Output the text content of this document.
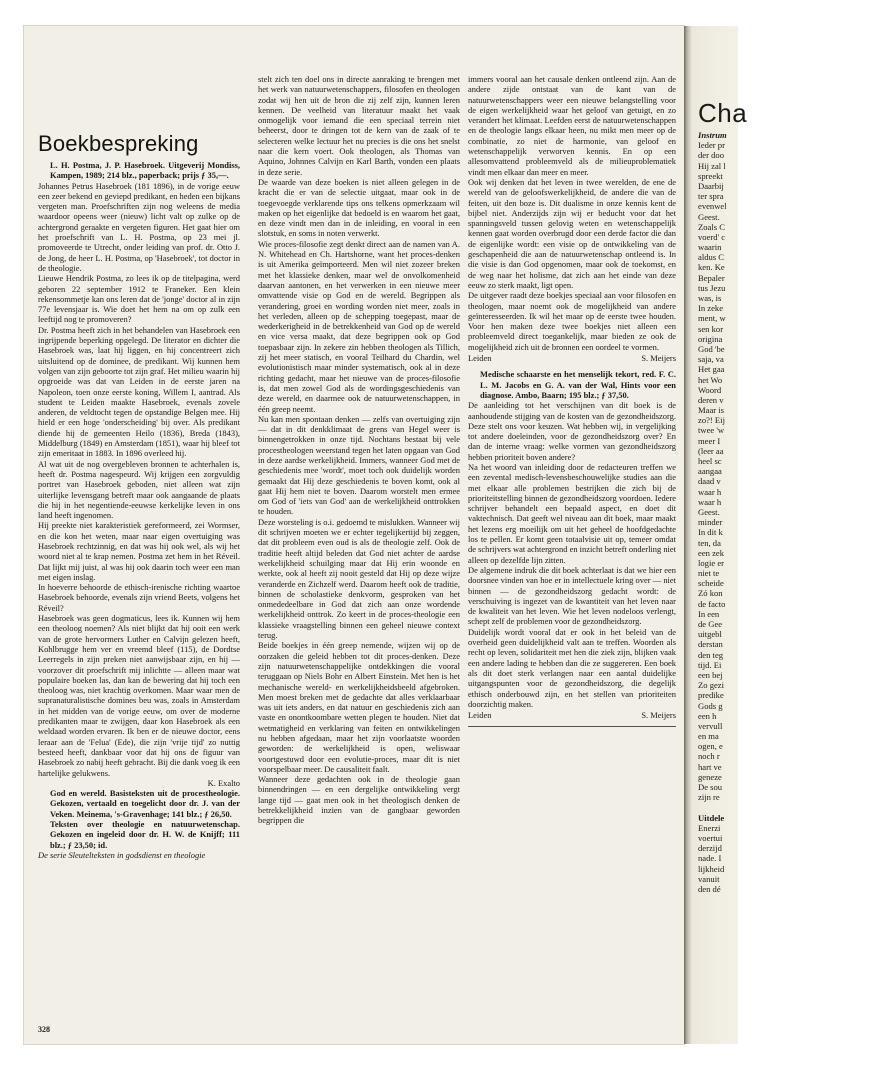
Boekbespreking

L. H. Postma, J. P. Hasebroek. Uitgeverij Mondiss, Kampen, 1989; 214 blz., paperback; prijs ƒ 35,—.

Johannes Petrus Hasebroek (181 1896), in de vorige eeuw een zeer bekend en geviерd predikant, en heden een bijkans vergeten man. Proefschriften zijn nog weleens de media waardoor opeens weer (nieuw) licht valt op zulke op de achtergrond geraakte en vergeten figuren. Het gaat hier om het proefschrift van L. H. Postma, op 23 mei jl. promoveerde te Utrecht, onder leiding van prof. dr. Otto J. de Jong, de heer L. H. Postma, op 'Hasebroek', tot doctor in de theologie.

Lieuwe Hendrik Postma, zo lees ik op de titelpagina, werd geboren 22 september 1912 te Franeker. Een klein rekensommetje kan ons leren dat de 'jonge' doctor al in zijn 77e levensjaar is. Wie doet het hem na om op zulk een leeftijd nog te promoveren?

Dr. Postma heeft zich in het behandelen van Hasebroek een ingrijpende beperking opgelegd. De literator en dichter die Hasebroek was, laat hij liggen, en hij concentreert zich uitsluitend op de dominee, de predikant. Wij kunnen hem volgen van zijn geboorte tot zijn graf. Het milieu waarin hij opgroeide was dat van Leiden in de eerste jaren na Napoleon, toen onze eerste koning, Willem I, aantrad. Als student te Leiden maakte Hasebroek, evenals zovele anderen, de veldtocht tegen de opstandige Belgen mee. Hij hield er een hoge 'onderscheiding' bij over. Als predikant diende hij de gemeenten Heilo (1836), Breda (1843), Middelburg (1849) en Amsterdam (1851), waar hij bleef tot zijn emeritaat in 1883. In 1896 overleed hij.

Al wat uit de nog overgebleven bronnen te achterhalen is, heeft dr. Postma nagespeurd. Wij krijgen een zorgvuldig portret van Hasebroek geboden, niet alleen wat zijn uiterlijke levensgang betreft maar ook aangaande de plaats die hij in het negentiende-eeuwse kerkelijke leven in ons land heeft ingenomen.

Hij preekte niet karakteristiek gereformeerd, zei Wormser, en die kon het weten, maar naar eigen overtuiging was Hasebroek rechtzinnig, en dat was hij ook wel, als wij het woord niet al te krap nemen. Postma zet hem in het Réveil. Dat lijkt mij juist, al was hij ook daarin toch weer een man met eigen inslag.

In hoeverre behoorde de ethisch-irenische richting waartoe Hasebroek behoorde, evenals zijn vriend Beets, volgens het Réveil?

Hasebroek was geen dogmaticus, lees ik. Kunnen wij hem een theoloog noemen? Als niet blijkt dat hij ooit een werk van de grote hervormers Luther en Calvijn gelezen heeft, Kohlbrugge hem ver en vreemd bleef (115), de Dordtse Leerregels in zijn preken niet aanwijsbaar zijn, en hij — voorzover dit proefschrift mij inlichtte — alleen maar wat populaire boeken las, dan kan de bewering dat hij toch een theoloog was, niet krachtig overkomen. Maar waar men de supranaturalistische domines beu was, zoals in Amsterdam in het midden van de vorige eeuw, om over de moderne predikanten maar te zwijgen, daar kon Hasebroek als een weldaad worden ervaren. Ik ben er de nieuwe doctor, eens leraar aan de 'Felua' (Ede), die zijn 'vrije tijd' zo nuttig besteed heeft, dankbaar voor dat hij ons de figuur van Hasebroek zo nabij heeft gebracht. Bij die dank voeg ik een hartelijke gelukwens.

K. Exalto

God en wereld. Basisteksten uit de procestheologie. Gekozen, vertaald en toegelicht door dr. J. van der Veken. Meinema, 's-Gravenhage; 141 blz.; ƒ 26,50.

Teksten over theologie en natuurwetenschap. Gekozen en ingeleid door dr. H. W. de Knijff; 111 blz.; ƒ 23,50; id.

De serie Sleutelteksten in godsdienst en theologie

stelt zich ten doel ons in directe aanraking te brengen met het werk van natuurwetenschappers, filosofen en theologen zodat wij hen uit de bron die zij zelf zijn, kunnen leren kennen. De veelheid van literatuur maakt het vaak onmogelijk voor iemand die een speciaal terrein niet beheerst, door te dringen tot de kern van de zaak of te selecteren welke lectuur het nu precies is die ons het snelst naar die kern voert. Ook theologen, als Thomas van Aquino, Johnnes Calvijn en Karl Barth, vonden een plaats in deze serie.

De waarde van deze boeken is niet alleen gelegen in de kracht die er van de selectie uitgaat, maar ook in de toegevoegde verklarende tips ons telkens opmerkzaam wil maken op het eigenlijke dat bedoeld is en waarom het gaat, en deze vindt men dan in de inleiding, en vooral in een slotstuk, en soms in noten verwerkt.

Wie proces-filosofie zegt denkt direct aan de namen van A. N. Whitehead en Ch. Hartshorne, want het proces-denken is uit Amerika geïmporteerd. Men wil niet zozeer breken met het klassieke denken, maar wel de onvolkomenheid daarvan aantonen, en het verwerken in een nieuwe meer omvattende visie op God en de wereld. Begrippen als verandering, groei en wording worden niet meer, zoals in het verleden, alleen op de schepping toegepast, maar de wederkerigheid in de betrekkenheid van God op de wereld en vice versa maakt, dat deze begrippen ook op God toepasbaar zijn. In zekere zin hebben theologen als Tillich, zij het meer statisch, en vooral Teilhard du Chardin, wel evolutionistisch maar minder systematisch, ook al in deze richting gedacht, maar het nieuwe van de proces-filosofie is, dat men zowel God als de wordingsgeschiedenis van deze wereld, en daarmee ook de natuurwetenschappen, in één greep neemt.

Nu kan men spontaan denken — zelfs van overtuiging zijn — dat in dit denkklimaat de grens van Hegel weer is binnengetrokken in onze tijd. Nochtans bestaat bij vele procestheologen weerstand tegen het laten opgaan van God in deze aardse werkelijkheid. Immers, wanneer God met de geschiedenis mee 'wordt', moet toch ook duidelijk worden gemaakt dat Hij deze geschiedenis te boven komt, ook al gaat Hij hem niet te boven. Daarom worstelt men ermee om God of 'iets van God' aan de werkelijkheid onttrokken te houden.

Deze worsteling is o.i. gedoemd te mislukken. Wanneer wij dit schrijven moeten we er echter tegelijkertijd bij zeggen, dat dit probleem even oud is als de theologie zelf. Ook de traditie heeft altijd beleden dat God niet achter de aardse werkelijkheid schuilging maar dat Hij erin woonde en werkte, ook al heeft zij nooit gesteld dat Hij op deze wijze veranderde en Zichzelf werd. Daarom heeft ook de traditie, binnen de scholastieke denkvorm, gesproken van het onmededeelbare in God dat zich aan onze wordende werkelijkheid onttrok. Zo keert in de proces-theologie een klassieke vraagstelling binnen een geheel nieuwe context terug.

Beide boekjes in één greep nemende, wijzen wij op de oorzaken die geleid hebben tot dit proces-denken. Deze zijn natuurwetenschappelijke ontdekkingen die vooral teruggaan op Niels Bohr en Albert Einstein. Met hen is het mechanische wereld- en werkelijkheidsbeeld afgebroken. Men moest breken met de gedachte dat alles verklaarbaar was uit iets anders, en dat natuur en geschiedenis zich aan vaste en onontkoombare wetten plegen te houden. Niet dat wetmatigheid en verklaring van feiten en ontwikkelingen nu hebben afgedaan, maar het zijn voorlaatste woorden geworden: de werkelijkheid is open, weliswaar voortgestuwd door een evolutie-proces, maar dit is niet voorspelbaar meer. De causaliteit faalt.

Wanneer deze gedachten ook in de theologie gaan binnendringen — en een dergelijke ontwikkeling vergt lange tijd — gaat men ook in het theologisch denken de betrekkelijkheid inzien van de gangbaar geworden begrippen die

immers vooral aan het causale denken ontleend zijn. Aan de andere zijde ontstaat van de kant van de natuurwetenschappers weer een nieuwe belangstelling voor de eigen werkelijkheid waar het geloof van getuigt, en zo verandert het klimaat. Leefden eerst de natuurwetenschappen en de theologie langs elkaar heen, nu mikt men meer op de combinatie, zo niet de harmonie, van geloof en wetenschappelijk verworven kennis. En op een allesomvattend probleemveld als de milieuproblematiek vindt men elkaar dan meer en meer.

Ook wij denken dat het leven in twee werelden, de ene de wereld van de geloofswerkelijkheid, de andere die van de feiten, uit den boze is. Dit dualisme in onze kennis kent de bijbel niet. Anderzijds zijn wij er beducht voor dat het spanningsveld tussen gelovig weten en wetenschappelijk kennen gaat worden overbrugd door een derde factor die dan de eigenlijke wordt: een visie op de ontwikkeling van de geschapenheid die aan de natuurwetenschap ontleend is. In die visie is dan God opgenomen, maar ook de toekomst, en de weg naar het holisme, dat zich aan het einde van deze eeuw zo sterk maakt, ligt open.

De uitgever raadt deze boekjes speciaal aan voor filosofen en theologen, maar noemt ook de mogelijkheid van andere geïnteresseerden. Ik wil het maar op de eerste twee houden. Voor hen maken deze twee boekjes niet alleen een probleemveld direct toegankelijk, maar bieden ze ook de mogelijkheid zich uit de bronnen een oordeel te vormen.

Leiden	S. Meijers

Medische schaarste en het menselijk tekort, red. F. C. L. M. Jacobs en G. A. van der Wal, Hints voor een diagnose. Ambo, Baarn; 195 blz.; ƒ 37,50.

De aanleiding tot het verschijnen van dit boek is de aanhoudende stijging van de kosten van de gezondheidszorg. Deze stelt ons voor keuzen. Wat hebben wij, in vergelijking tot andere doeleinden, voor de gezondheidszorg over? En dan de interne vraag: welke vormen van gezondheidszorg hebben prioriteit boven andere?

Na het woord van inleiding door de redacteuren treffen we een zevental medisch-levensbeschouwelijke studies aan die met elkaar alle problemen bestrijken die zich bij de prioriteitstelling binnen de gezondheidszorg voordoen. Iedere schrijver behandelt een bepaald aspect, en doet dit vaktechnisch. Dat geeft wel niveau aan dit boek, maar maakt het lezens erg moeilijk om uit het geheel de hoofdgedachte los te pellen. Er komt geen totaalvisie uit op, temeer omdat de schrijvers wat achtergrond en inzicht betreft onderling niet alleen op dezelfde lijn zitten.

De algemene indruk die dit boek achterlaat is dat we hier een doorsnee vinden van hoe er in intellectuele kring over — niet binnen — de gezondheidszorg gedacht wordt: de verschuiving is ingezet van de kwantiteit van het leven naar de kwaliteit van het leven. Wie het leven nodeloos verlengt, schept zelf de problemen voor de gezondheidszorg.

Duidelijk wordt vooral dat er ook in het beleid van de overheid geen duidelijkheid valt aan te treffen. Woorden als recht op leven, solidariteit met hen die ziek zijn, blijken vaak een andere lading te hebben dan die ze suggereren. Een boek als dit doet sterk verlangen naar een aantal duidelijke uitgangspunten voor de gezondheidszorg, die degelijk ethisch onderbouwd zijn, en het stellen van prioriteiten doorzichtig maken.

Leiden	S. Meijers
328
Cha
Instrum
Ieder pr
der doo
Hij zal l
spreekt
Daarbij
ter spra
evenwel
Geest.
Zoals C
voerd' c
waarin
aldus C
ken. Ke
Bepaler
tus Jezu
was, is
In zeke
ment, w
sen kor
origina
God 'be
saja, va
Het gaa
het Wo
Woord
deren v
Maar is
zo?! Eij
twee 'w
meer I
(leer aa
heel sc
aangaa
daad v
waar h
waar h
Geest.
minder
In dit k
ten, da
een zek
logie er
niet te
scheide
Zó kon
de facto
In een
de Gee
uitgebl
derstan
den teg
tijd. Ei
een bej
Zo gezi
predike
Gods g
een h
vervull
en ma
ogen, e
noch r
hart ve
geneze
De sou
zijn re
Uitdele
Enerzi
voertui
derzijd
nade. I
lijkheid
vanuit
den dé
